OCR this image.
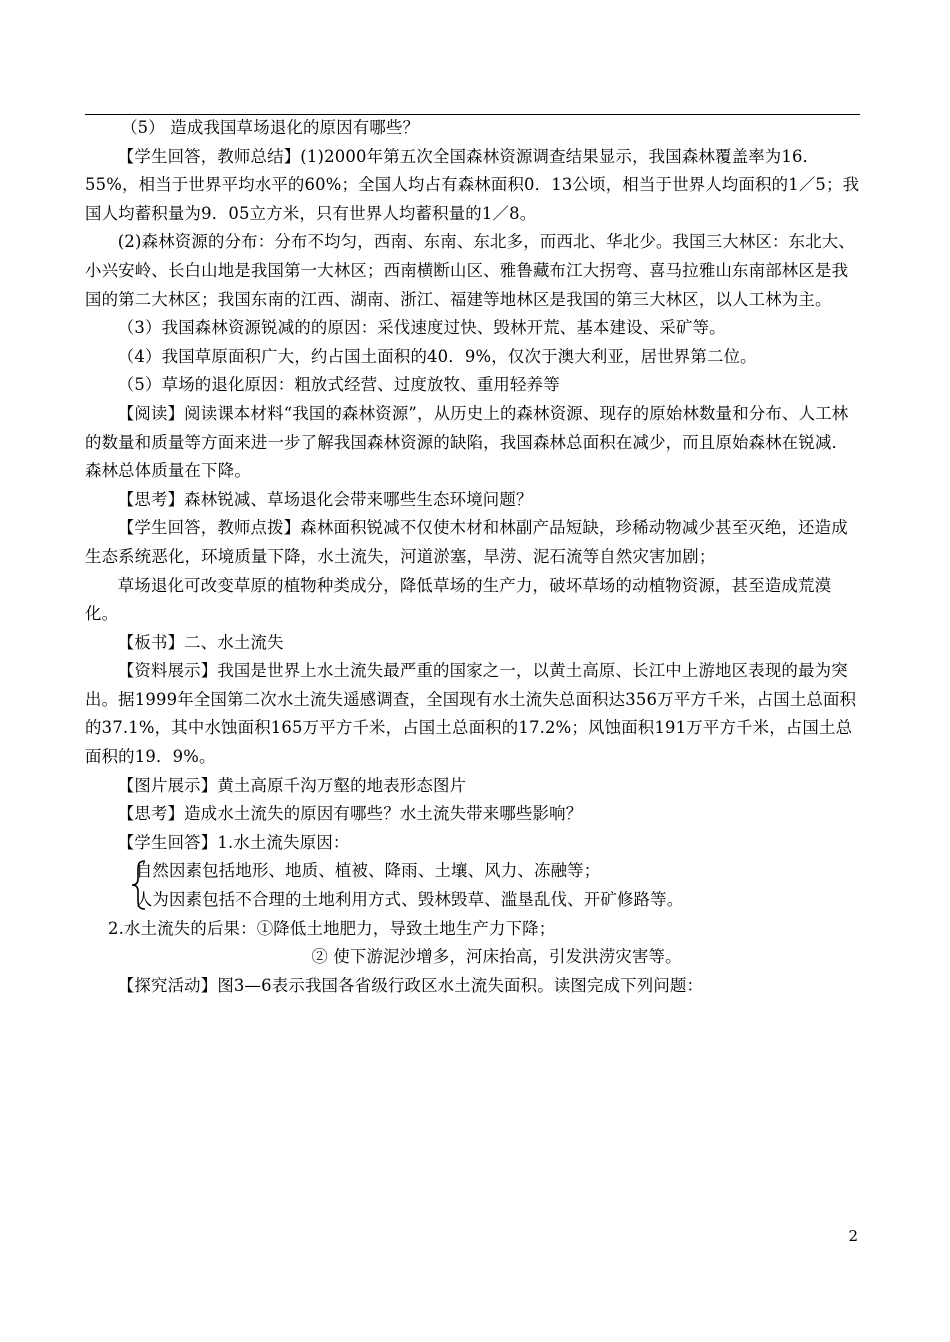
（5） 造成我国草场退化的原因有哪些？

【学生回答，教师总结】(1)2000年第五次全国森林资源调查结果显示，我国森林覆盖率为16．55%，相当于世界平均水平的60%；全国人均占有森林面积0．13公顷，相当于世界人均面积的1／5；我国人均蓄积量为9．05立方米，只有世界人均蓄积量的1／8。

(2)森林资源的分布：分布不均匀，西南、东南、东北多，而西北、华北少。我国三大林区：东北大、小兴安岭、长白山地是我国第一大林区；西南横断山区、雅鲁藏布江大拐弯、喜马拉雅山东南部林区是我国的第二大林区；我国东南的江西、湖南、浙江、福建等地林区是我国的第三大林区，以人工林为主。

（3）我国森林资源锐减的的原因：采伐速度过快、毁林开荒、基本建设、采矿等。

（4）我国草原面积广大，约占国土面积的40．9%，仅次于澳大利亚，居世界第二位。

（5）草场的退化原因：粗放式经营、过度放牧、重用轻养等

【阅读】阅读课本材料“我国的森林资源”，从历史上的森林资源、现存的原始林数量和分布、人工林的数量和质量等方面来进一步了解我国森林资源的缺陷，我国森林总面积在减少，而且原始森林在锐减．森林总体质量在下降。

【思考】森林锐减、草场退化会带来哪些生态环境问题？

【学生回答，教师点拨】森林面积锐减不仅使木材和林副产品短缺，珍稀动物减少甚至灭绝，还造成生态系统恶化，环境质量下降，水土流失，河道淤塞，旱涝、泥石流等自然灾害加剧；

草场退化可改变草原的植物种类成分，降低草场的生产力，破坏草场的动植物资源，甚至造成荒漠化。

【板书】二、水土流失

【资料展示】我国是世界上水土流失最严重的国家之一，以黄土高原、长江中上游地区表现的最为突出。据1999年全国第二次水土流失遥感调查，全国现有水土流失总面积达356万平方千米，占国土总面积的37.1%，其中水蚀面积165万平方千米，占国土总面积的17.2%；风蚀面积191万平方千米，占国土总面积的19．9%。

【图片展示】黄土高原千沟万壑的地表形态图片

【思考】造成水土流失的原因有哪些？水土流失带来哪些影响？

【学生回答】1.水土流失原因：

自然因素包括地形、地质、植被、降雨、土壤、风力、冻融等；

人为因素包括不合理的土地利用方式、毁林毁草、滥垦乱伐、开矿修路等。

2.水土流失的后果：①降低土地肥力，导致土地生产力下降；

② 使下游泥沙增多，河床抬高，引发洪涝灾害等。

【探究活动】图3—6表示我国各省级行政区水土流失面积。读图完成下列问题：

2
